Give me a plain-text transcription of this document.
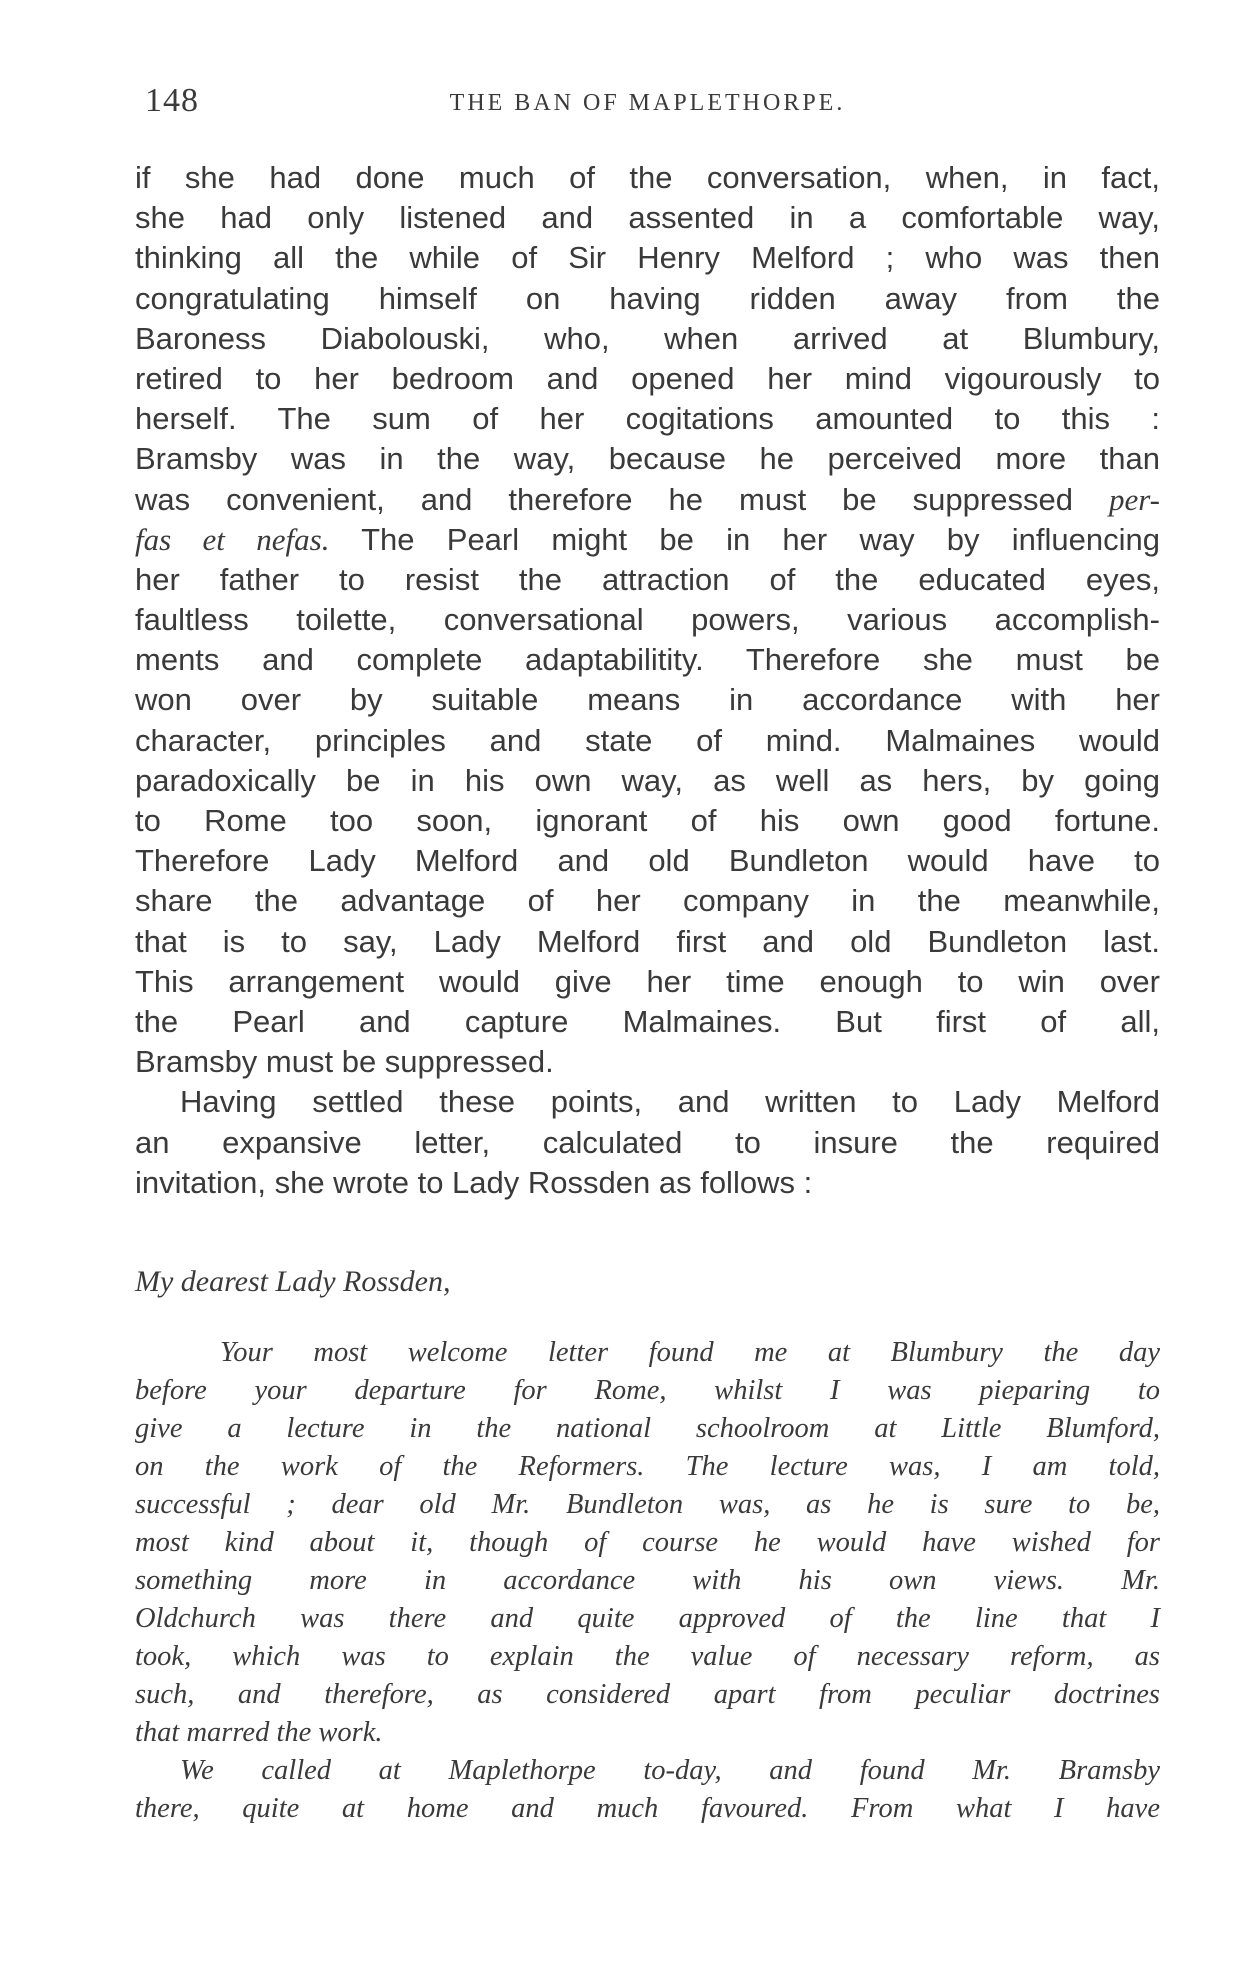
148	THE BAN OF MAPLETHORPE.
if she had done much of the conversation, when, in fact,
she had only listened and assented in a comfortable way,
thinking all the while of Sir Henry Melford ; who was then
congratulating himself on having ridden away from the
Baroness Diabolouski, who, when arrived at Blumbury,
retired to her bedroom and opened her mind vigourously to
herself. The sum of her cogitations amounted to this :
Bramsby was in the way, because he perceived more than
was convenient, and therefore he must be suppressed per-
fas et nefas. The Pearl might be in her way by influencing
her father to resist the attraction of the educated eyes,
faultless toilette, conversational powers, various accomplish-
ments and complete adaptabilitity. Therefore she must be
won over by suitable means in accordance with her
character, principles and state of mind. Malmaines would
paradoxically be in his own way, as well as hers, by going
to Rome too soon, ignorant of his own good fortune.
Therefore Lady Melford and old Bundleton would have to
share the advantage of her company in the meanwhile,
that is to say, Lady Melford first and old Bundleton last.
This arrangement would give her time enough to win over
the Pearl and capture Malmaines. But first of all,
Bramsby must be suppressed.
Having settled these points, and written to Lady Melford
an expansive letter, calculated to insure the required
invitation, she wrote to Lady Rossden as follows :
My dearest Lady Rossden,
Your most welcome letter found me at Blumbury the day
before your departure for Rome, whilst I was pieparing to
give a lecture in the national schoolroom at Little Blumford,
on the work of the Reformers. The lecture was, I am told,
successful ; dear old Mr. Bundleton was, as he is sure to be,
most kind about it, though of course he would have wished for
something more in accordance with his own views. Mr.
Oldchurch was there and quite approved of the line that I
took, which was to explain the value of necessary reform, as
such, and therefore, as considered apart from peculiar doctrines
that marred the work.
We called at Maplethorpe to-day, and found Mr. Bramsby
there, quite at home and much favoured. From what I have
